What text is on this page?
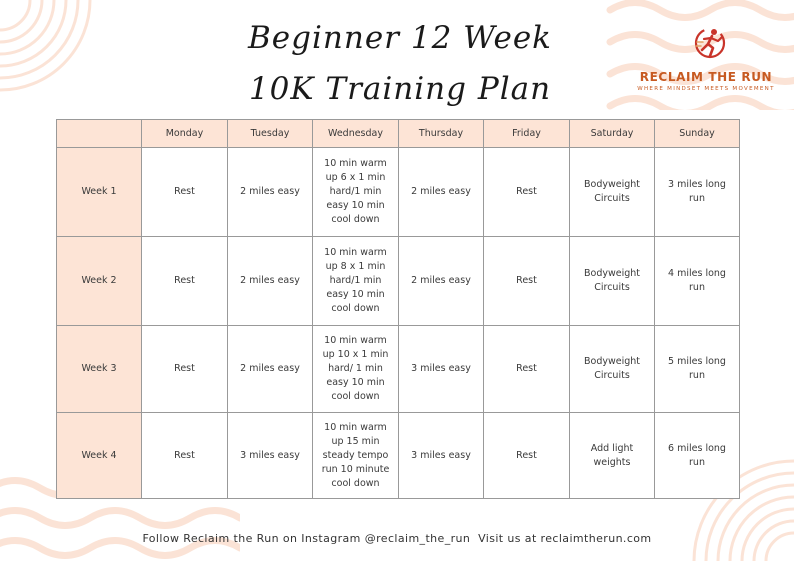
Beginner 12 Week
10K Training Plan	RECLAIM THE RUN
WHERE MINDSET MEETS MOVEMENT
	Monday	Tuesday	Wednesday	Thursday	Friday	Saturday	Sunday
Week 1	Rest	2 miles easy	10 min warm up 6 x 1 min hard/1 min easy 10 min cool down	2 miles easy	Rest	Bodyweight Circuits	3 miles long run
Week 2	Rest	2 miles easy	10 min warm up 8 x 1 min hard/1 min easy 10 min cool down	2 miles easy	Rest	Bodyweight Circuits	4 miles long run
Week 3	Rest	2 miles easy	10 min warm up 10 x 1 min hard/ 1 min easy 10 min cool down	3 miles easy	Rest	Bodyweight Circuits	5 miles long run
Week 4	Rest	3 miles easy	10 min warm up 15 min steady tempo run 10 minute cool down	3 miles easy	Rest	Add light weights	6 miles long run
Follow Reclaim the Run on Instagram @reclaim_the_run  Visit us at reclaimtherun.com
